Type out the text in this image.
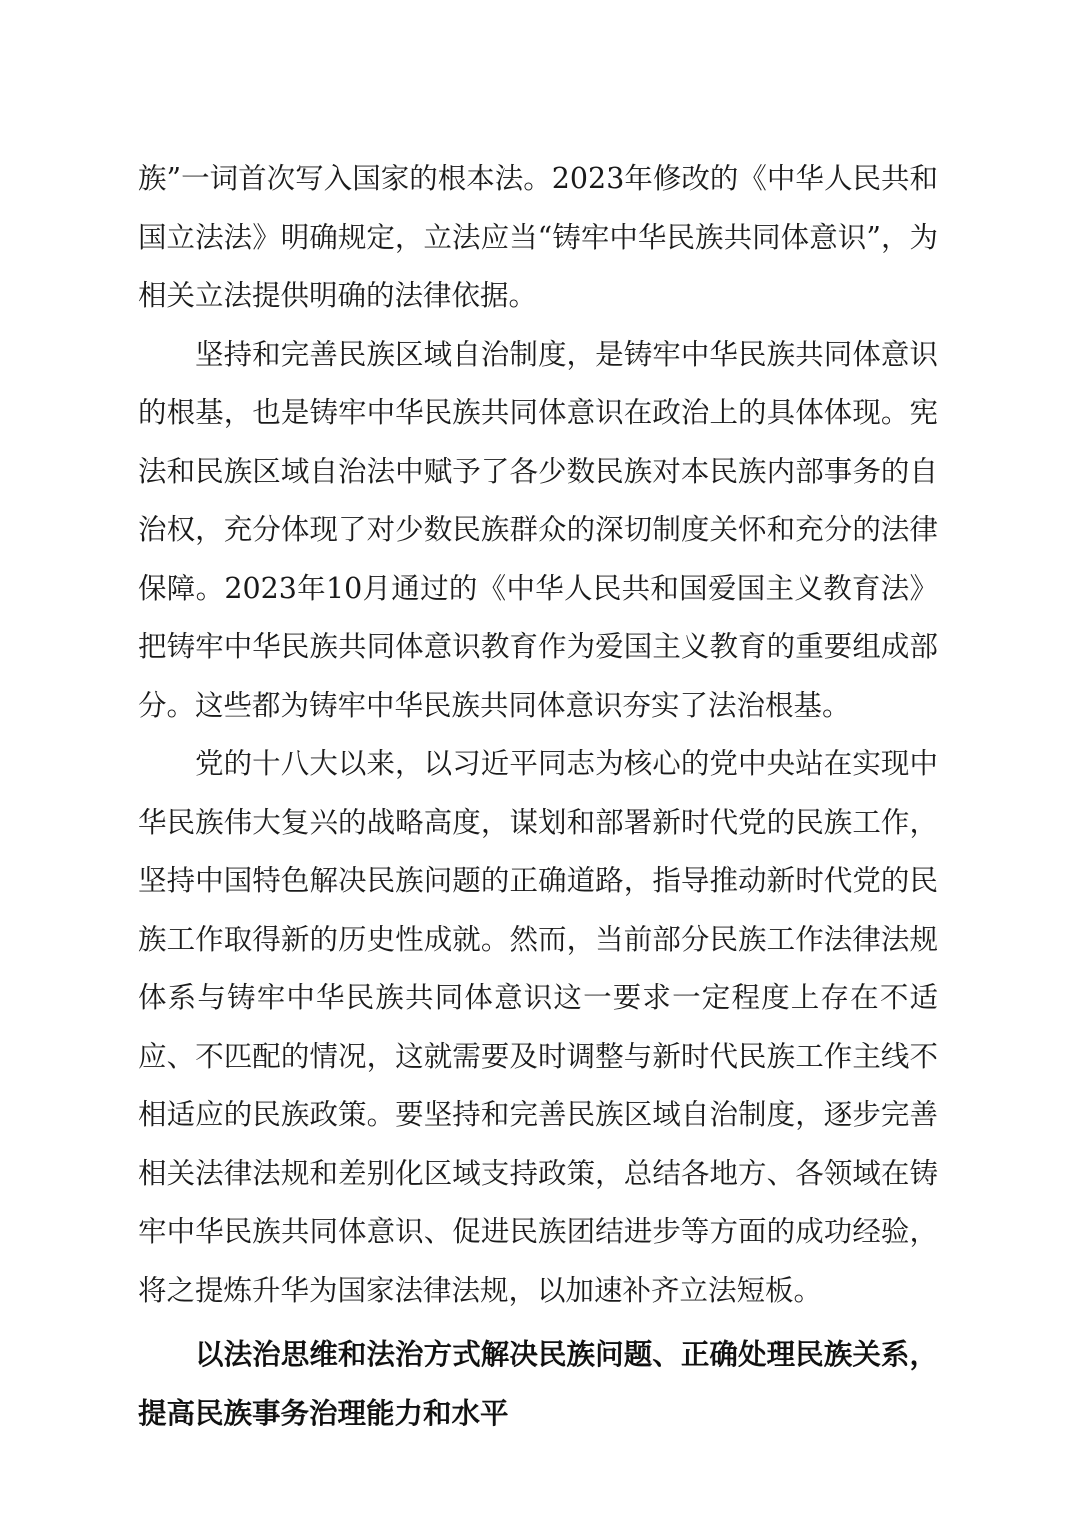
族”一词首次写入国家的根本法。2023年修改的《中华人民共和国立法法》明确规定，立法应当“铸牢中华民族共同体意识”，为相关立法提供明确的法律依据。

坚持和完善民族区域自治制度，是铸牢中华民族共同体意识的根基，也是铸牢中华民族共同体意识在政治上的具体体现。宪法和民族区域自治法中赋予了各少数民族对本民族内部事务的自治权，充分体现了对少数民族群众的深切制度关怀和充分的法律保障。2023年10月通过的《中华人民共和国爱国主义教育法》把铸牢中华民族共同体意识教育作为爱国主义教育的重要组成部分。这些都为铸牢中华民族共同体意识夯实了法治根基。

党的十八大以来，以习近平同志为核心的党中央站在实现中华民族伟大复兴的战略高度，谋划和部署新时代党的民族工作，坚持中国特色解决民族问题的正确道路，指导推动新时代党的民族工作取得新的历史性成就。然而，当前部分民族工作法律法规体系与铸牢中华民族共同体意识这一要求一定程度上存在不适应、不匹配的情况，这就需要及时调整与新时代民族工作主线不相适应的民族政策。要坚持和完善民族区域自治制度，逐步完善相关法律法规和差别化区域支持政策，总结各地方、各领域在铸牢中华民族共同体意识、促进民族团结进步等方面的成功经验，将之提炼升华为国家法律法规，以加速补齐立法短板。

以法治思维和法治方式解决民族问题、正确处理民族关系，提高民族事务治理能力和水平
